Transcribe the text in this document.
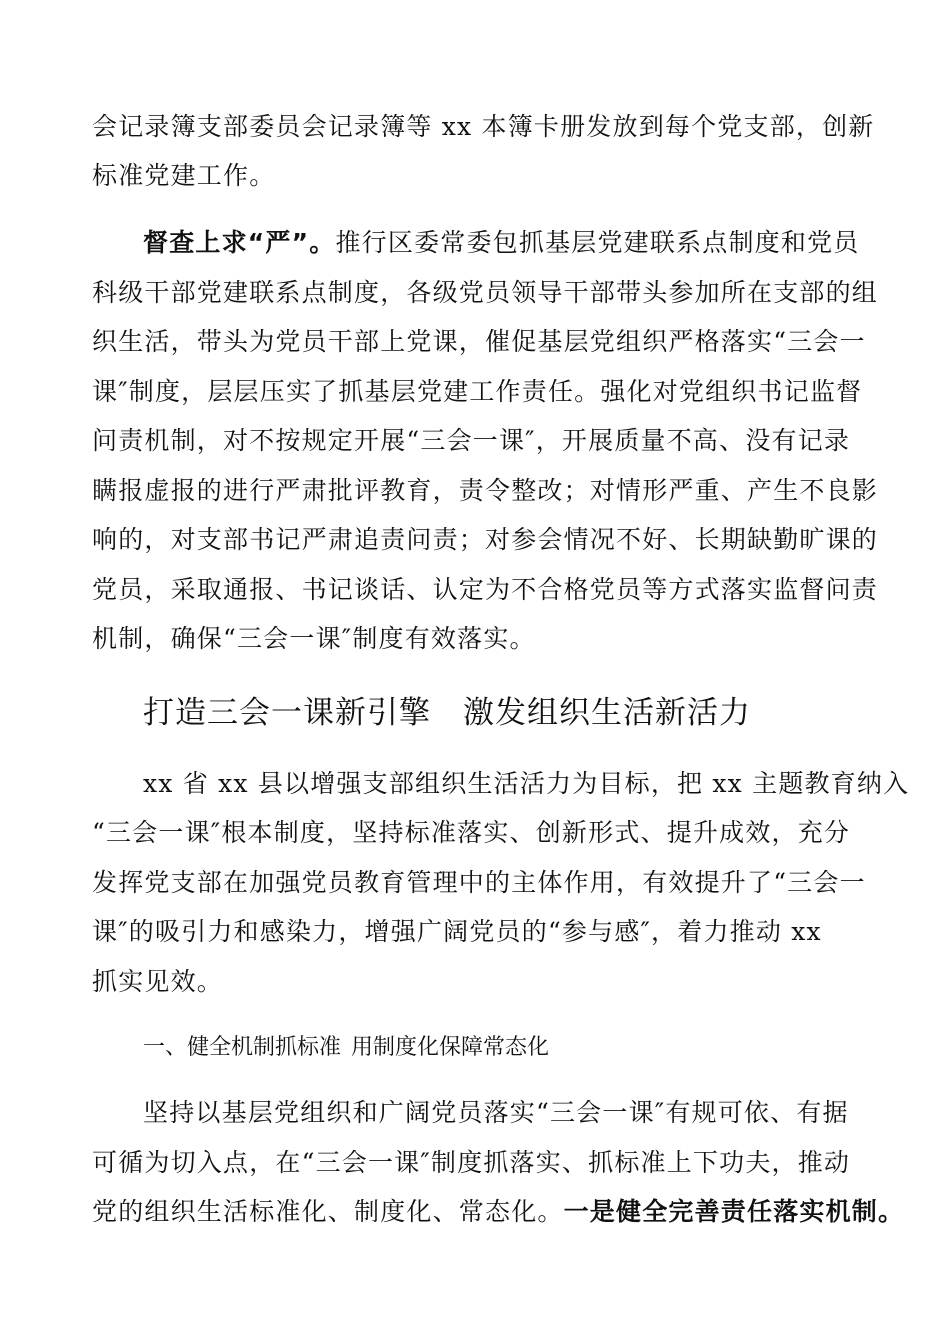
会记录簿支部委员会记录簿等 xx 本簿卡册发放到每个党支部，创新
标准党建工作。
督查上求“严”。推行区委常委包抓基层党建联系点制度和党员
科级干部党建联系点制度，各级党员领导干部带头参加所在支部的组
织生活，带头为党员干部上党课，催促基层党组织严格落实“三会一
课″制度，层层压实了抓基层党建工作责任。强化对党组织书记监督
问责机制，对不按规定开展“三会一课″，开展质量不高、没有记录
瞒报虚报的进行严肃批评教育，责令整改；对情形严重、产生不良影
响的，对支部书记严肃追责问责；对参会情况不好、长期缺勤旷课的
党员，采取通报、书记谈话、认定为不合格党员等方式落实监督问责
机制，确保“三会一课″制度有效落实。
打造三会一课新引擎 激发组织生活新活力
xx 省 xx 县以增强支部组织生活活力为目标，把 xx 主题教育纳入
“三会一课″根本制度，坚持标准落实、创新形式、提升成效，充分
发挥党支部在加强党员教育管理中的主体作用，有效提升了“三会一
课″的吸引力和感染力，增强广阔党员的“参与感″，着力推动 xx
抓实见效。
一、健全机制抓标准 用制度化保障常态化
坚持以基层党组织和广阔党员落实“三会一课″有规可依、有据
可循为切入点，在“三会一课″制度抓落实、抓标准上下功夫，推动
党的组织生活标准化、制度化、常态化。一是健全完善责任落实机制。
